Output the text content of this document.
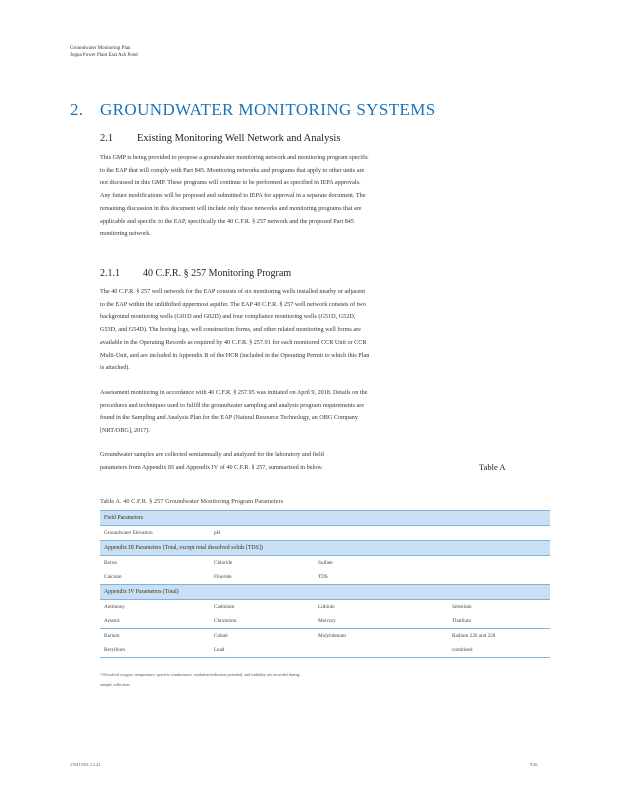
Groundwater Monitoring Plan
Joppa Power Plant East Ash Pond
2. GROUNDWATER MONITORING SYSTEMS
2.1 Existing Monitoring Well Network and Analysis
This GMP is being provided to propose a groundwater monitoring network and monitoring program specific to the EAP that will comply with Part 845. Monitoring networks and programs that apply to other units are not discussed in this GMP. These programs will continue to be performed as specified in IEPA approvals. Any future modifications will be proposed and submitted to IEPA for approval in a separate document. The remaining discussion in this document will include only these networks and monitoring programs that are applicable and specific to the EAP, specifically the 40 C.F.R. § 257 network and the proposed Part 845 monitoring network.
2.1.1 40 C.F.R. § 257 Monitoring Program
The 40 C.F.R. § 257 well network for the EAP consists of six monitoring wells installed nearby or adjacent to the EAP within the unlithified uppermost aquifer. The EAP 40 C.F.R. § 257 well network consists of two background monitoring wells (G01D and G02D) and four compliance monitoring wells (G51D, G52D, G53D, and G54D). The boring logs, well construction forms, and other related monitoring well forms are available in the Operating Records as required by 40 C.F.R. § 257.91 for each monitored CCR Unit or CCR Multi-Unit, and are included in Appendix B of the HCR (included in the Operating Permit to which this Plan is attached).
Assessment monitoring in accordance with 40 C.F.R. § 257.95 was initiated on April 9, 2018. Details on the procedures and techniques used to fulfill the groundwater sampling and analysis program requirements are found in the Sampling and Analysis Plan for the EAP (Natural Resource Technology, an OBG Company [NRT/OBG], 2017).
Groundwater samples are collected semiannually and analyzed for the laboratory and field parameters from Appendix III and Appendix IV of 40 C.F.R. § 257, summarized in below.	Table A
Table A. 40 C.F.R. § 257 Groundwater Monitoring Program Parameters
Field Parameters			
Groundwater Elevation	pH		
Appendix III Parameters (Total, except total dissolved solids [TDS])			
Boron	Chloride	Sulfate	
Calcium	Fluoride	TDS	
Appendix IV Parameters (Total)			
Antimony	Cadmium	Lithium	Selenium
Arsenic	Chromium	Mercury	Thallium
Barium	Cobalt	Molybdenum	Radium 226 and 228
Beryllium	Lead		combined
¹ Dissolved oxygen, temperature, specific conductance, oxidation/reduction potential, and turbidity are recorded during sample collection.
170413951.3.2.22	9/26
